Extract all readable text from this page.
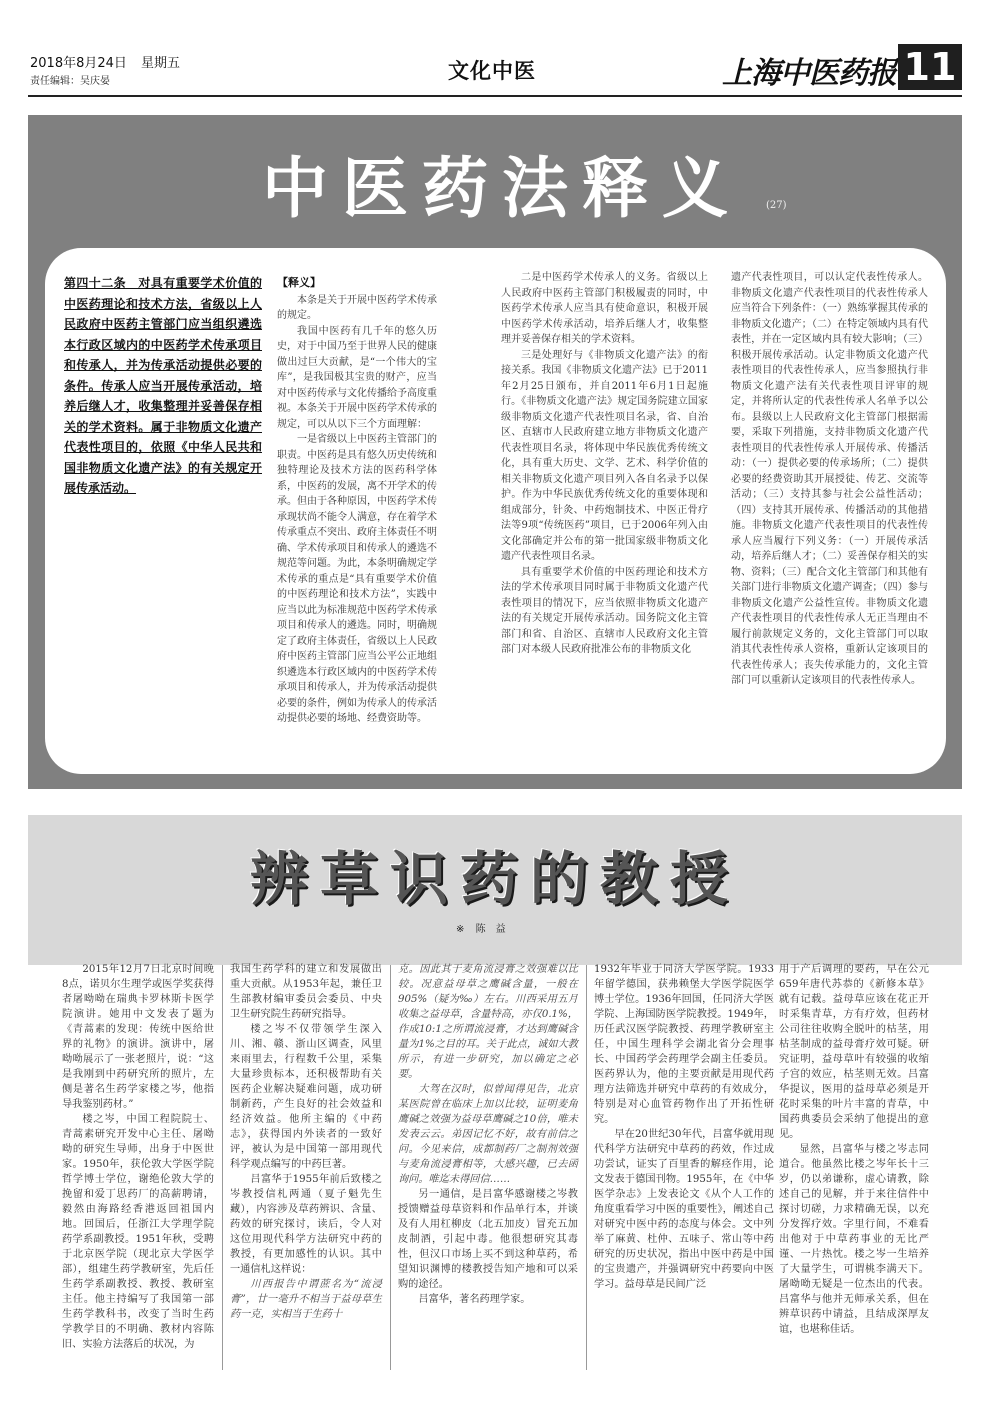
2018年8月24日 星期五
责任编辑：吴庆晏	文化中医	上海中医药报 11
中医药法释义 (27)
第四十二条　对具有重要学术价值的中医药理论和技术方法，省级以上人民政府中医药主管部门应当组织遴选本行政区域内的中医药学术传承项目和传承人，并为传承活动提供必要的条件。传承人应当开展传承活动，培养后继人才，收集整理并妥善保存相关的学术资料。属于非物质文化遗产代表性项目的，依照《中华人民共和国非物质文化遗产法》的有关规定开展传承活动。

【释义】

本条是关于开展中医药学术传承的规定。

我国中医药有几千年的悠久历史，对于中国乃至于世界人民的健康做出过巨大贡献，是“一个伟大的宝库”，是我国极其宝贵的财产，应当对中医药传承与文化传播给予高度重视。本条关于开展中医药学术传承的规定，可以从以下三个方面理解：

一是省级以上中医药主管部门的职责。中医药是具有悠久历史传统和独特理论及技术方法的医药科学体系，中医药的发展，离不开学术的传承。但由于各种原因，中医药学术传承现状尚不能令人满意，存在着学术传承重点不突出、政府主体责任不明确、学术传承项目和传承人的遴选不规范等问题。为此，本条明确规定学术传承的重点是“具有重要学术价值的中医药理论和技术方法”，实践中应当以此为标准规范中医药学术传承项目和传承人的遴选。同时，明确规定了政府主体责任，省级以上人民政府中医药主管部门应当公平公正地组织遴选本行政区域内的中医药学术传承项目和传承人，并为传承活动提供必要的条件，例如为传承人的传承活动提供必要的场地、经费资助等。

二是中医药学术传承人的义务。省级以上人民政府中医药主管部门积极履责的同时，中医药学术传承人应当具有使命意识，积极开展中医药学术传承活动，培养后继人才，收集整理并妥善保存相关的学术资料。

三是处理好与《非物质文化遗产法》的衔接关系。我国《非物质文化遗产法》已于2011年2月25日颁布，并自2011年6月1日起施行。《非物质文化遗产法》规定国务院建立国家级非物质文化遗产代表性项目名录，省、自治区、直辖市人民政府建立地方非物质文化遗产代表性项目名录，将体现中华民族优秀传统文化，具有重大历史、文学、艺术、科学价值的相关非物质文化遗产项目列入各自名录予以保护。作为中华民族优秀传统文化的重要体现和组成部分，针灸、中药炮制技术、中医正骨疗法等9项“传统医药”项目，已于2006年列入由文化部确定并公布的第一批国家级非物质文化遗产代表性项目名录。

具有重要学术价值的中医药理论和技术方法的学术传承项目同时属于非物质文化遗产代表性项目的情况下，应当依照非物质文化遗产法的有关规定开展传承活动。国务院文化主管部门和省、自治区、直辖市人民政府文化主管部门对本级人民政府批准公布的非物质文化

遗产代表性项目，可以认定代表性传承人。非物质文化遗产代表性项目的代表性传承人应当符合下列条件：（一）熟练掌握其传承的非物质文化遗产；（二）在特定领域内具有代表性，并在一定区域内具有较大影响；（三）积极开展传承活动。认定非物质文化遗产代表性项目的代表性传承人，应当参照执行非物质文化遗产法有关代表性项目评审的规定，并将所认定的代表性传承人名单予以公布。县级以上人民政府文化主管部门根据需要，采取下列措施，支持非物质文化遗产代表性项目的代表性传承人开展传承、传播活动：（一）提供必要的传承场所；（二）提供必要的经费资助其开展授徒、传艺、交流等活动；（三）支持其参与社会公益性活动；（四）支持其开展传承、传播活动的其他措施。非物质文化遗产代表性项目的代表性传承人应当履行下列义务：（一）开展传承活动，培养后继人才；（二）妥善保存相关的实物、资料；（三）配合文化主管部门和其他有关部门进行非物质文化遗产调查；（四）参与非物质文化遗产公益性宣传。非物质文化遗产代表性项目的代表性传承人无正当理由不履行前款规定义务的，文化主管部门可以取消其代表性传承人资格，重新认定该项目的代表性传承人；丧失传承能力的，文化主管部门可以重新认定该项目的代表性传承人。

辨草识药的教授
※ 陈　益

2015年12月7日北京时间晚8点，诺贝尔生理学或医学奖获得者屠呦呦在瑞典卡罗林斯卡医学院演讲。她用中文发表了题为《青蒿素的发现：传统中医给世界的礼物》的演讲。演讲中，屠呦呦展示了一张老照片，说：“这是我刚到中药研究所的照片，左侧是著名生药学家楼之岑，他指导我鉴别药材。”

楼之岑，中国工程院院士、青蒿素研究开发中心主任、屠呦呦的研究生导师，出身于中医世家。1950年，获伦敦大学医学院哲学博士学位，谢绝伦敦大学的挽留和爱丁思药厂的高薪聘请，毅然由海路经香港返回祖国内地。回国后，任浙江大学理学院药学系副教授。1951年秋，受聘于北京医学院（现北京大学医学部），组建生药学教研室，先后任生药学系副教授、教授、教研室主任。他主持编写了我国第一部生药学教科书，改变了当时生药学教学目的不明确、教材内容陈旧、实验方法落后的状况，为

我国生药学科的建立和发展做出重大贡献。从1953年起，兼任卫生部教材编审委员会委员、中央卫生研究院生药研究指导。

楼之岑不仅带领学生深入川、湘、赣、浙山区调查，风里来雨里去，行程数千公里，采集大量珍贵标本，还积极帮助有关医药企业解决疑难问题，成功研制新药，产生良好的社会效益和经济效益。他所主编的《中药志》，获得国内外读者的一致好评，被认为是中国第一部用现代科学观点编写的中药巨著。

吕富华于1955年前后致楼之岑教授信札两通（夏子魁先生藏），内容涉及草药辨识、含量、药效的研究探讨，读后，令人对这位用现代科学方法研究中药的教授，有更加感性的认识。其中一通信札这样说：

川西报告中谓蔗名为“流浸膏”，廿一毫升不相当于益母草生药一克，实相当于生药十

克。因此其于麦角流浸膏之效强难以比较。况意益母草之鹰碱含量，一般在905%（疑为‰）左右。川西采用五月收集之益母草，含量特高，亦仅0.1%，作成10:1之所谓流浸膏，才达到鹰碱含量为1%之目的耳。关于此点，诚如大教所示，有进一步研究，加以确定之必要。

大驾在汉时，似曾闻得见告，北京某医院曾在临床上加以比较，证明麦角鹰碱之效强为益母草鹰碱之10倍，唯未发表云云。弟因记忆不好，故有前信之问。今见来信，成都制药厂之制剂效强与麦角流浸膏相等，大感兴趣，已去函询问。唯迄未得回信……

另一通信，是吕富华感谢楼之岑教授馈赠益母草资料和作品单行本，并谈及有人用杠柳皮（北五加皮）冒充五加皮制酒，引起中毒。他很想研究其毒性，但汉口市场上买不到这种草药，希望知识渊博的楼教授告知产地和可以采购的途径。

吕富华，著名药理学家。

1932年毕业于同济大学医学院。1933年留学德国，获弗赖堡大学医学院医学博士学位。1936年回国，任同济大学医学院、上海国防医学院教授。1949年，历任武汉医学院教授、药理学教研室主任，中国生理科学会湖北省分会理事长、中国药学会药理学会副主任委员。医药界认为，他的主要贡献是用现代药理方法筛选并研究中草药的有效成分，特别是对心血管药物作出了开拓性研究。

早在20世纪30年代，吕富华就用现代科学方法研究中草药的药效，作过成功尝试，证实了百里香的解痉作用，论文发表于德国刊物。1955年，在《中华医学杂志》上发表论文《从个人工作的角度重看学习中医的重要性》，阐述自己对研究中医中药的态度与体会。文中列举了麻黄、杜仲、五味子、常山等中药研究的历史状况，指出中医中药是中国的宝贵遗产，并强调研究中药要向中医学习。益母草是民间广泛

用于产后调理的要药，早在公元659年唐代苏恭的《新修本草》就有记载。益母草应该在花正开时采集青草，方有疗效，但药材公司往往收购全脱叶的枯茎，用枯茎制成的益母膏疗效可疑。研究证明，益母草叶有较强的收缩子宫的效应，枯茎则无效。吕富华提议，医用的益母草必须是开花时采集的叶片丰富的青草，中国药典委员会采纳了他提出的意见。

显然，吕富华与楼之岑志同道合。他虽然比楼之岑年长十三岁，仍以弟谦称，虚心请教，除述自己的见解，并于来往信件中探讨切磋，力求精确无误，以充分发挥疗效。字里行间，不难看出他对于中草药事业的无比严谨、一片热忱。楼之岑一生培养了大量学生，可谓桃李满天下。屠呦呦无疑是一位杰出的代表。吕富华与他并无师承关系，但在辨草识药中请益，且结成深厚友谊，也堪称佳话。
